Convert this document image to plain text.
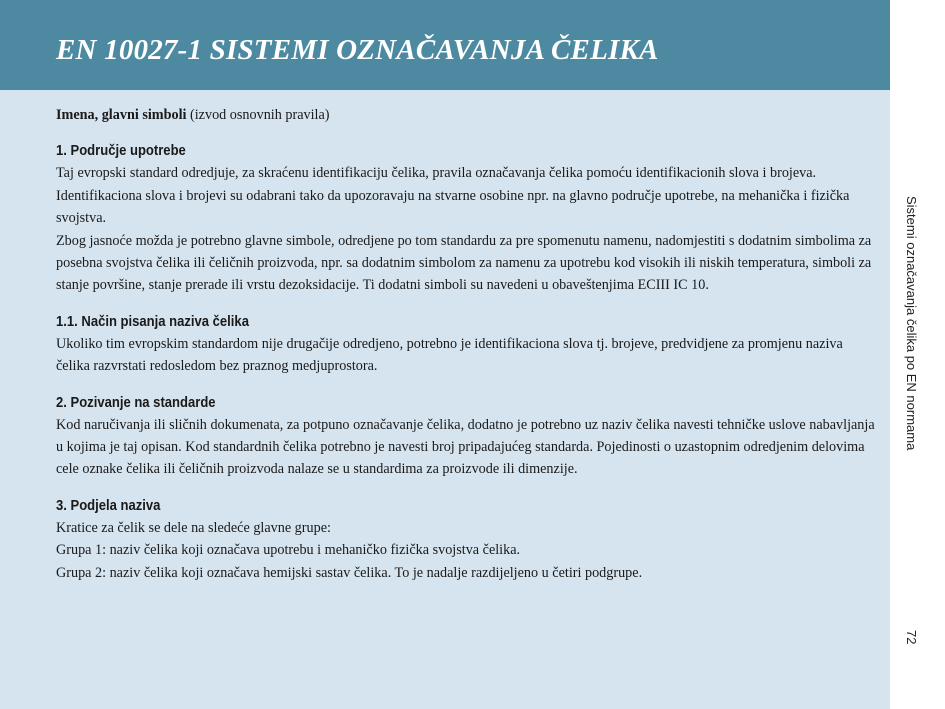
EN 10027-1 SISTEMI OZNAČAVANJA ČELIKA
Sistemi označavanja čelika po EN normama
72

Imena, glavni simboli (izvod osnovnih pravila)

1. Područje upotrebe

Taj evropski standard odredjuje, za skraćenu identifikaciju čelika, pravila označavanja čelika pomoću identifikacionih slova i brojeva. Identifikaciona slova i brojevi su odabrani tako da upozoravaju na stvarne osobine npr. na glavno područje upotrebe, na mehanička i fizička svojstva.

Zbog jasnoće možda je potrebno glavne simbole, odredjene po tom standardu za pre spomenutu namenu, nadomjestiti s dodatnim simbolima za posebna svojstva čelika ili čeličnih proizvoda, npr. sa dodatnim simbolom za namenu za upotrebu kod visokih ili niskih temperatura, simboli za stanje površine, stanje prerade ili vrstu dezoksidacije. Ti dodatni simboli su navedeni u obaveštenjima ECIII IC 10.

1.1. Način pisanja naziva čelika

Ukoliko tim evropskim standardom nije drugačije odredjeno, potrebno je identifikaciona slova tj. brojeve, predvidjene za promjenu naziva čelika razvrstati redosledom bez praznog medjuprostora.

2. Pozivanje na standarde

Kod naručivanja ili sličnih dokumenata, za potpuno označavanje čelika, dodatno je potrebno uz naziv čelika navesti tehničke uslove nabavljanja u kojima je taj opisan. Kod standardnih čelika potrebno je navesti broj pripadajućeg standarda. Pojedinosti o uzastopnim odredjenim delovima cele oznake čelika ili čeličnih proizvoda nalaze se u standardima za proizvode ili dimenzije.

3. Podjela naziva

Kratice za čelik se dele na sledeće glavne grupe:

Grupa 1: naziv čelika koji označava upotrebu i mehaničko fizička svojstva čelika.

Grupa 2: naziv čelika koji označava hemijski sastav čelika. To je nadalje razdijeljeno u četiri podgrupe.
